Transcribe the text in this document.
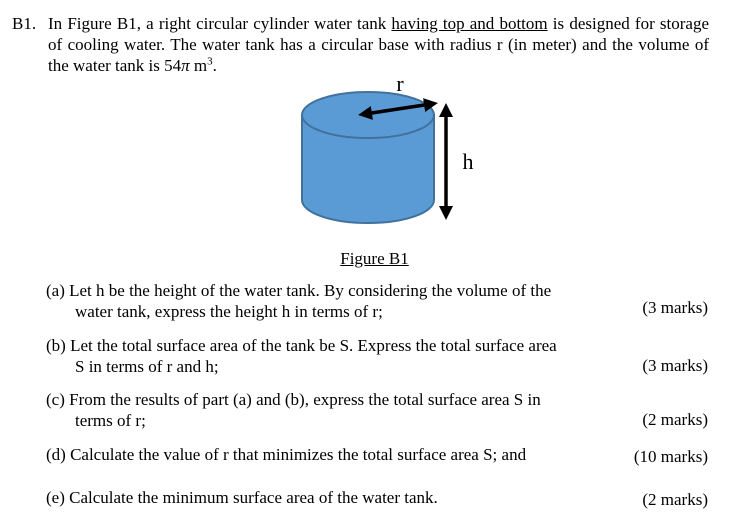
B1. In Figure B1, a right circular cylinder water tank having top and bottom is designed for storage of cooling water. The water tank has a circular base with radius r (in meter) and the volume of the water tank is 54π $m^3$.
r
h
Figure B1
(a) Let h be the height of the water tank. By considering the volume of the
water tank, express the height h in terms of r;	(3 marks)
(b) Let the total surface area of the tank be S. Express the total surface area
S in terms of r and h;	(3 marks)
(c) From the results of part (a) and (b), express the total surface area S in
terms of r;	(2 marks)
(d) Calculate the value of r that minimizes the total surface area S; and	(10 marks)
(e) Calculate the minimum surface area of the water tank.	(2 marks)
